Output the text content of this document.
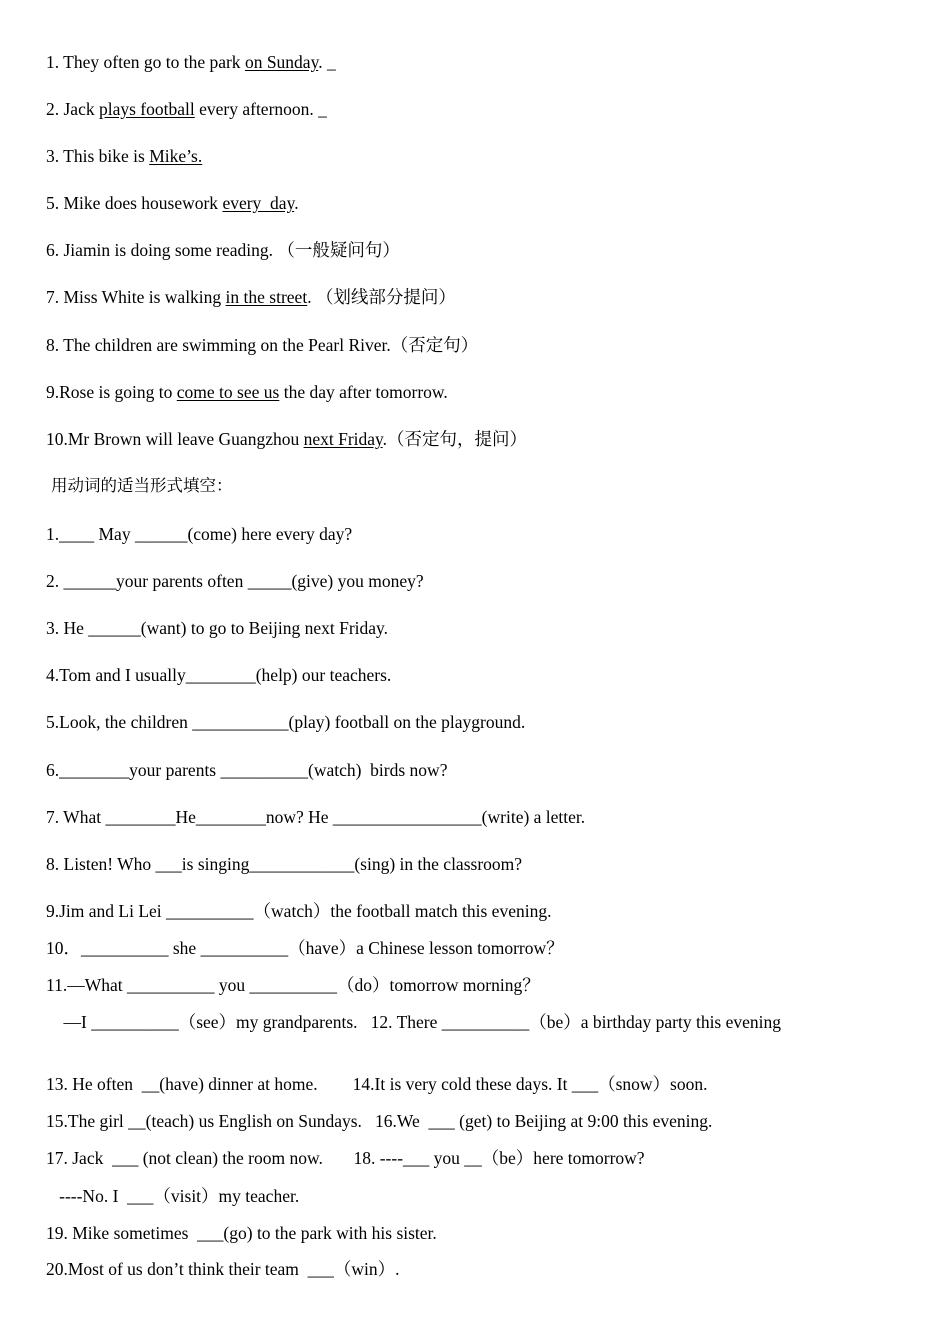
1. They often go to the park on Sunday. _
2. Jack plays football every afternoon. _
3. This bike is Mike’s.
5. Mike does housework every  day.
6. Jiamin is doing some reading. （一般疑问句）
7. Miss White is walking in the street. （划线部分提问）
8. The children are swimming on the Pearl River.（否定句）
9.Rose is going to come to see us the day after tomorrow.
10.Mr Brown will leave Guangzhou next Friday.（否定句，提问）
用动词的适当形式填空：
1.____ May ______(come) here every day?
2. ______your parents often _____(give) you money?
3. He ______(want) to go to Beijing next Friday.
4.Tom and I usually________(help) our teachers.
5.Look, the children ___________(play) football on the playground.
6.________your parents __________(watch)  birds now?
7. What ________He________now? He _________________(write) a letter.
8. Listen! Who ___is singing____________(sing) in the classroom?
9.Jim and Li Lei __________（watch）the football match this evening.
10．__________ she __________（have）a Chinese lesson tomorrow？
11.—What __________ you __________（do）tomorrow morning？
—I __________（see）my grandparents.   12. There __________（be）a birthday party this evening
13. He often  __(have) dinner at home.        14.It is very cold these days. It ___（snow）soon.
15.The girl __(teach) us English on Sundays.   16.We  ___ (get) to Beijing at 9:00 this evening.
17. Jack  ___ (not clean) the room now.       18. ----___ you __（be）here tomorrow?
----No. I  ___（visit）my teacher.
19. Mike sometimes  ___(go) to the park with his sister.
20.Most of us don’t think their team  ___（win）.
